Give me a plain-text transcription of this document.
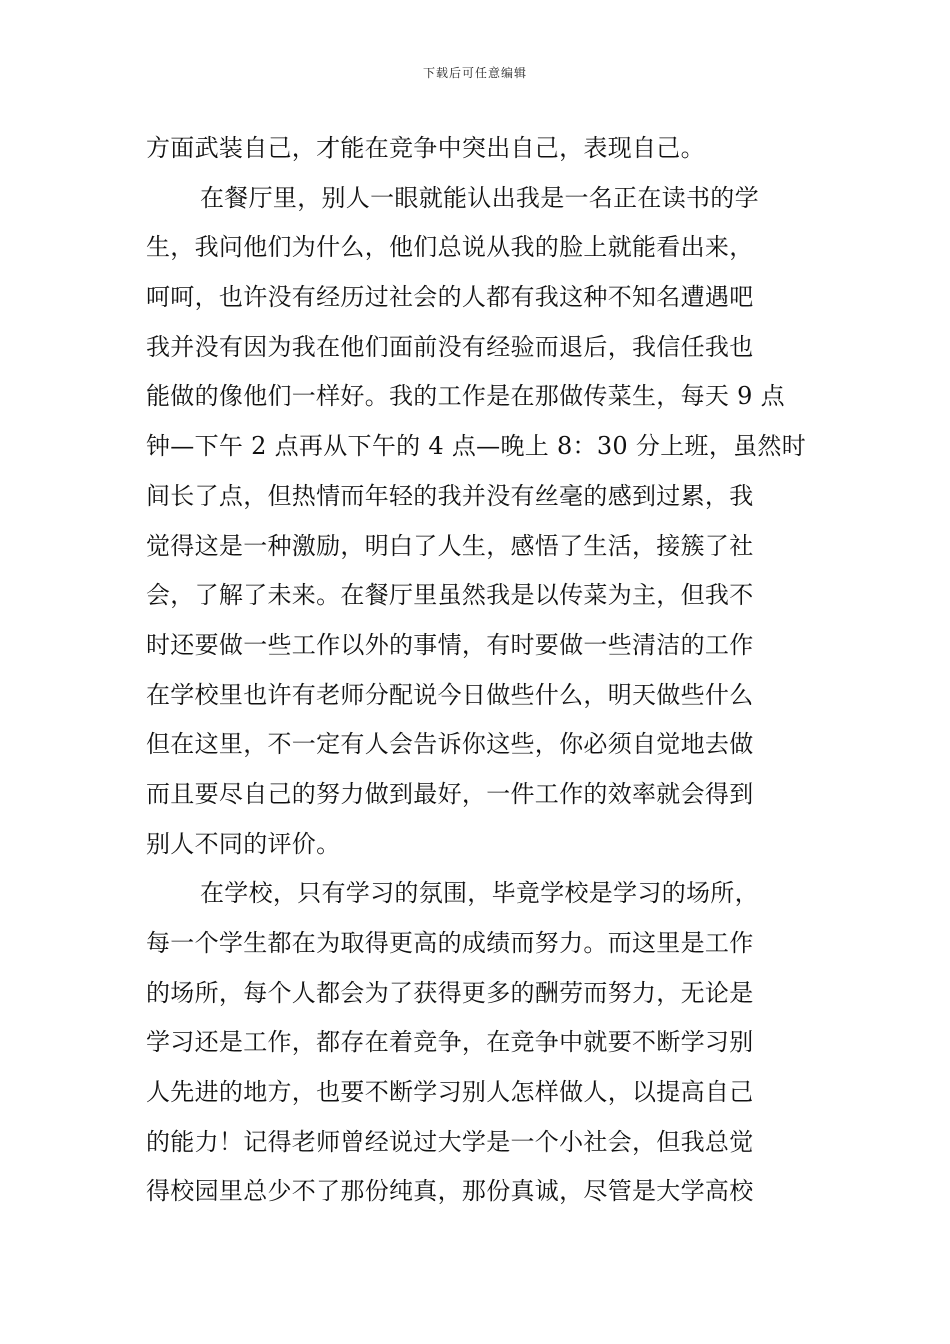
下载后可任意编辑
方面武装自己，才能在竞争中突出自己，表现自己。
在餐厅里，别人一眼就能认出我是一名正在读书的学
生，我问他们为什么，他们总说从我的脸上就能看出来，
呵呵，也许没有经历过社会的人都有我这种不知名遭遇吧
我并没有因为我在他们面前没有经验而退后，我信任我也
能做的像他们一样好。我的工作是在那做传菜生，每天 9 点
钟—下午 2 点再从下午的 4 点—晚上 8：30 分上班，虽然时
间长了点，但热情而年轻的我并没有丝毫的感到过累，我
觉得这是一种激励，明白了人生，感悟了生活，接簇了社
会，了解了未来。在餐厅里虽然我是以传菜为主，但我不
时还要做一些工作以外的事情，有时要做一些清洁的工作
在学校里也许有老师分配说今日做些什么，明天做些什么
但在这里，不一定有人会告诉你这些，你必须自觉地去做
而且要尽自己的努力做到最好，一件工作的效率就会得到
别人不同的评价。
在学校，只有学习的氛围，毕竟学校是学习的场所，
每一个学生都在为取得更高的成绩而努力。而这里是工作
的场所，每个人都会为了获得更多的酬劳而努力，无论是
学习还是工作，都存在着竞争，在竞争中就要不断学习别
人先进的地方，也要不断学习别人怎样做人，以提高自己
的能力！记得老师曾经说过大学是一个小社会，但我总觉
得校园里总少不了那份纯真，那份真诚，尽管是大学高校
